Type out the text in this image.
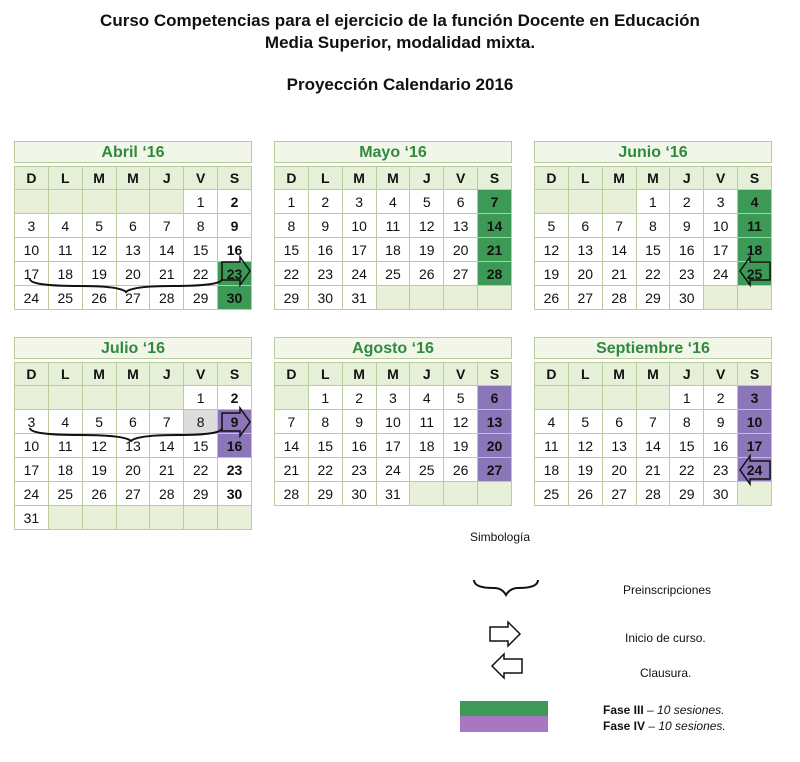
Curso Competencias para el ejercicio de la función Docente en Educación
Media Superior, modalidad mixta.
Proyección Calendario 2016
Abril ‘16
D	L	M	M	J	V	S
					1	2
3	4	5	6	7	8	9
10	11	12	13	14	15	16
17	18	19	20	21	22	23
24	25	26	27	28	29	30
Mayo ‘16
D	L	M	M	J	V	S
1	2	3	4	5	6	7
8	9	10	11	12	13	14
15	16	17	18	19	20	21
22	23	24	25	26	27	28
29	30	31				
Junio ‘16
D	L	M	M	J	V	S
			1	2	3	4
5	6	7	8	9	10	11
12	13	14	15	16	17	18
19	20	21	22	23	24	25
26	27	28	29	30		
Julio ‘16
D	L	M	M	J	V	S
					1	2
3	4	5	6	7	8	9
10	11	12	13	14	15	16
17	18	19	20	21	22	23
24	25	26	27	28	29	30
31						
Agosto ‘16
D	L	M	M	J	V	S
	1	2	3	4	5	6
7	8	9	10	11	12	13
14	15	16	17	18	19	20
21	22	23	24	25	26	27
28	29	30	31			
Septiembre ‘16
D	L	M	M	J	V	S
				1	2	3
4	5	6	7	8	9	10
11	12	13	14	15	16	17
18	19	20	21	22	23	24
25	26	27	28	29	30	
Simbología
Preinscripciones
Inicio de curso.
Clausura.
Fase III – 10 sesiones.
Fase IV – 10 sesiones.
